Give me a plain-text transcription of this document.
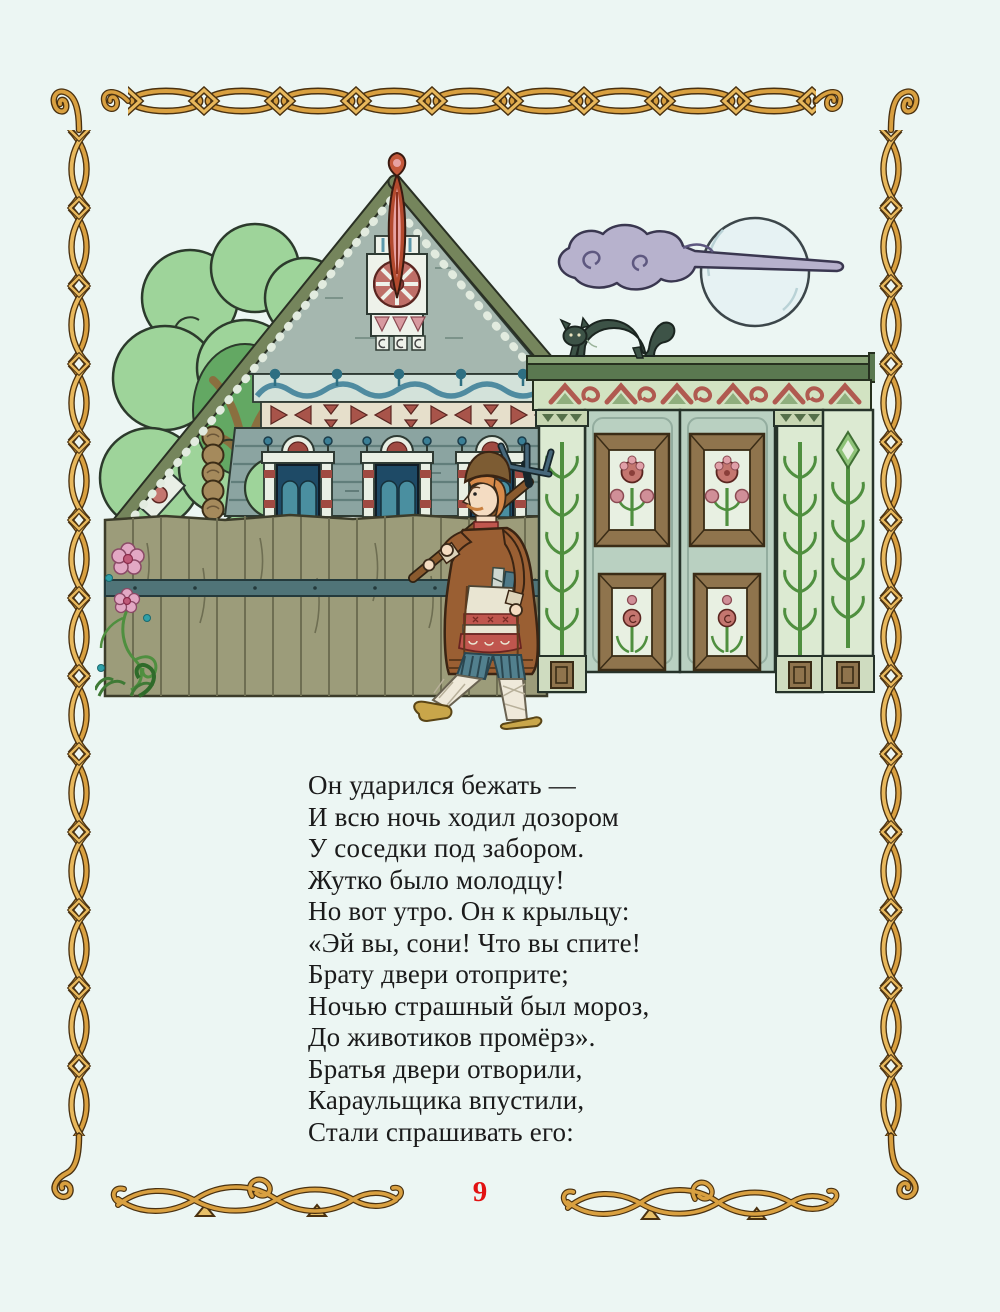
Он ударился бежать —
И всю ночь ходил дозором
У соседки под забором.
Жутко было молодцу!
Но вот утро. Он к крыльцу:
«Эй вы, сони! Что вы спите!
Брату двери отоприте;
Ночью страшный был мороз,
До животиков промёрз».
Братья двери отворили,
Караульщика впустили,
Стали спрашивать его:
9
